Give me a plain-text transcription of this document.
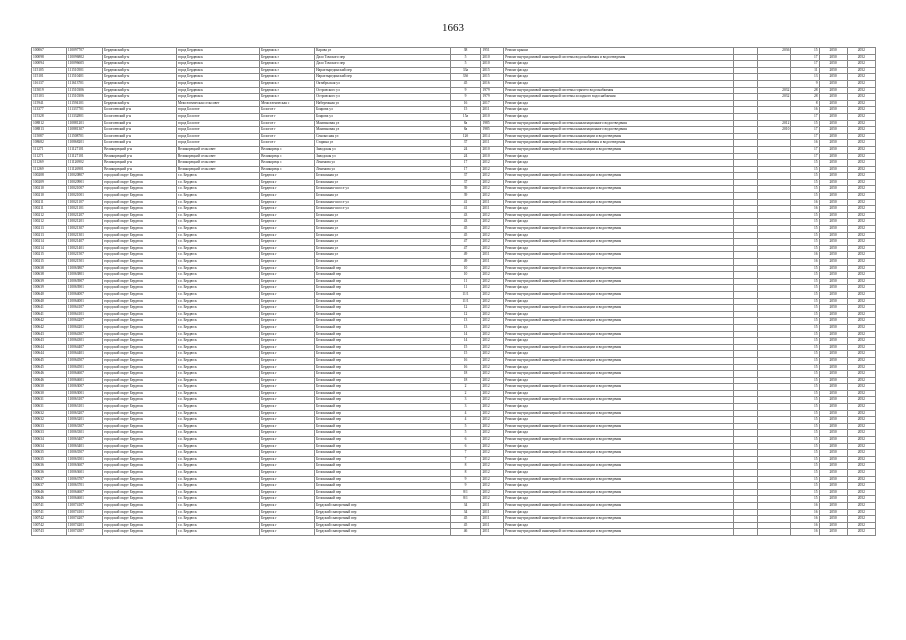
1663
100067	110097707	Бердюжский р-н	город Бердюжск	Бердюжск г	Карова ул	38	1951	Ремонт крыши		2036	15	2050	2052
100098	110096802	Бердюжский р-н	город Бердюжск	Бердюжск г	Дало Томского пер	5	2010	Ремонт внутридомовой инженерной системы водоснабжения и водоотведения			17	2050	2052
100094	110096605	Бердюжский р-н	город Бердюжск	Бердюжск г	Дало Томского пер	5	2010	Ремонт фасада			17	2050	2052
115105	111510501	Бердюжский р-н	город Бердюжск	Бердюжск г	Нарахтырединский пер	33а	2015	Ремонт фасада			11	2050	2052
115101	111510401	Бердюжский р-н	город Бердюжск	Бердюжск г	Нарахтырединский пер	33б	2015	Ремонт фасада			13	2050	2052
116137	111613701	Бердюжский р-н	город Бердюжск	Бердюжск г	Октябрьская ул	45	2016	Ремонт фасада			9	2050	2052
115019	111510306	Бердюжский р-н	город Бердюжск	Бердюжск г	Островского ул	9	1979	Ремонт внутридомовой инженерной системы горячего водоснабжения		2032	28	2050	2052
115103	111510306	Бердюжский р-н	город Бердюжск	Бердюжск г	Островского ул	9	1979	Ремонт внутридомовой инженерной системы холодного водоснабжения		2032	28	2050	2052
115941	111594101	Бердюжский р-н	Межселенческая сельсовет	Межселенческая с	Набережная ул	16	2017	Ремонт фасада			8	2050	2052
113377	111337701	Бологоевский р-н	город Бологое	Бологое г	Боярова ул	15	2011	Ремонт фасада			16	2050	2052
115328	111332801	Бологоевский р-н	город Бологое	Бологое г	Боярова ул	15а	2010	Ремонт фасада			17	2050	2052
108812	110881201	Бологоевский р-н	город Бологое	Бологое г	Мантиновая ул	8а	1985	Ремонт внутридомовой инженерной системы канализационного водоотведения		2012	15	2050	2052
108813	110881307	Бологоевский р-н	город Бологое	Бологое г	Мантиновая ул	8а	1985	Ремонт внутридомовой инженерной системы канализационного водоотведения		2010	17	2050	2052
115087	111508701	Бологоевский р-н	город Бологое	Бологое г	Сенокосная ул	12б	2014	Ремонт внутридомовой инженерной системы канализации и водоотведения			17	2050	2052
108682	110868201	Бологоевский р-н	город Бологое	Бологое г	Старина ул	37	2011	Ремонт внутридомовой инженерной системы водоснабжения и водоотведения			16	2050	2052
111271	111127101	Великорецкий р-н	Великорецкий сельсовет	Великорецк с	Заводская ул	24	2010	Ремонт внутридомовой инженерной системы канализации и водоотведения			17	2050	2052
111271	111127101	Великорецкий р-н	Великорецкий сельсовет	Великорецк с	Заводская ул	24	2010	Ремонт фасада			17	2050	2052
111269	111126902	Великорецкий р-н	Великорецкий сельсовет	Великорецк с	Лененова ул	17	2012	Ремонт фасада			15	2050	2052
111269	111126901	Великорецкий р-н	Великорецкий сельсовет	Великорецк с	Лененова ул	17	2012	Ремонт фасада			15	2050	2052
100208	110020807	городской округ Бердюск	г.о. Бердюск	Бердюск г	Белоконная ул	37	2012	Ремонт внутридомовой инженерной системы канализации и водоотведения			15	2050	2052
100209	110020901	городской округ Бердюск	г.о. Бердюск	Бердюск г	Белоконная ул	37	2012	Ремонт фасада			15	2050	2052
100210	110021007	городской округ Бердюск	г.о. Бердюск	Бердюск г	Белоконная-шоссе ул	39	2012	Ремонт внутридомовой инженерной системы канализации и водоотведения			15	2050	2052
100210	110021001	городской округ Бердюск	г.о. Бердюск	Бердюск г	Белоконная ул	39	2012	Ремонт фасада			15	2050	2052
100211	110021107	городской округ Бердюск	г.о. Бердюск	Бердюск г	Белоконная-шоссе ул	41	2011	Ремонт внутридомовой инженерной системы канализации и водоотведения			16	2050	2052
100211	110021101	городской округ Бердюск	г.о. Бердюск	Бердюск г	Белоконная-шоссе ул	41	2011	Ремонт фасада			16	2050	2052
100212	110021207	городской округ Бердюск	г.о. Бердюск	Бердюск г	Белоконная ул	43	2012	Ремонт внутридомовой инженерной системы канализации и водоотведения			15	2050	2052
100212	110021201	городской округ Бердюск	г.о. Бердюск	Бердюск г	Белоконная ул	43	2012	Ремонт фасада			15	2050	2052
100213	110021307	городской округ Бердюск	г.о. Бердюск	Бердюск г	Белоконная ул	45	2012	Ремонт внутридомовой инженерной системы канализации и водоотведения			15	2050	2052
100213	110021301	городской округ Бердюск	г.о. Бердюск	Бердюск г	Белоконная ул	45	2012	Ремонт фасада			15	2050	2052
100214	110021407	городской округ Бердюск	г.о. Бердюск	Бердюск г	Белоконная ул	47	2012	Ремонт внутридомовой инженерной системы канализации и водоотведения			15	2050	2052
100214	110021401	городской округ Бердюск	г.о. Бердюск	Бердюск г	Белоконная ул	47	2012	Ремонт фасада			15	2050	2052
100215	110021507	городской округ Бердюск	г.о. Бердюск	Бердюск г	Белоконная ул	49	2011	Ремонт внутридомовой инженерной системы канализации и водоотведения			16	2050	2052
100215	110021501	городской округ Бердюск	г.о. Бердюск	Бердюск г	Белоконная ул	49	2011	Ремонт фасада			16	2050	2052
100638	110063807	городской округ Бердюск	г.о. Бердюск	Бердюск г	Белоконный пер	10	2012	Ремонт внутридомовой инженерной системы канализации и водоотведения			15	2050	2052
100638	110063801	городской округ Бердюск	г.о. Бердюск	Бердюск г	Белоконный пер	10	2012	Ремонт фасада			15	2050	2052
100639	110063907	городской округ Бердюск	г.о. Бердюск	Бердюск г	Белоконный пер	11	2012	Ремонт внутридомовой инженерной системы канализации и водоотведения			15	2050	2052
100639	110063901	городской округ Бердюск	г.о. Бердюск	Бердюск г	Белоконный пер	11	2012	Ремонт фасада			15	2050	2052
100640	110064007	городской округ Бердюск	г.о. Бердюск	Бердюск г	Белоконный пер	11/1	2012	Ремонт внутридомовой инженерной системы канализации и водоотведения			15	2050	2052
100640	110064001	городской округ Бердюск	г.о. Бердюск	Бердюск г	Белоконный пер	11/1	2012	Ремонт фасада			15	2050	2052
100641	110064107	городской округ Бердюск	г.о. Бердюск	Бердюск г	Белоконный пер	12	2012	Ремонт внутридомовой инженерной системы канализации и водоотведения			15	2050	2052
100641	110064101	городской округ Бердюск	г.о. Бердюск	Бердюск г	Белоконный пер	12	2012	Ремонт фасада			15	2050	2052
100642	110064207	городской округ Бердюск	г.о. Бердюск	Бердюск г	Белоконный пер	13	2012	Ремонт внутридомовой инженерной системы канализации и водоотведения			15	2050	2052
100642	110064201	городской округ Бердюск	г.о. Бердюск	Бердюск г	Белоконный пер	13	2012	Ремонт фасада			15	2050	2052
100643	110064307	городской округ Бердюск	г.о. Бердюск	Бердюск г	Белоконный пер	14	2012	Ремонт внутридомовой инженерной системы канализации и водоотведения			15	2050	2052
100643	110064301	городской округ Бердюск	г.о. Бердюск	Бердюск г	Белоконный пер	14	2012	Ремонт фасада			15	2050	2052
100644	110064407	городской округ Бердюск	г.о. Бердюск	Бердюск г	Белоконный пер	15	2012	Ремонт внутридомовой инженерной системы канализации и водоотведения			15	2050	2052
100644	110064401	городской округ Бердюск	г.о. Бердюск	Бердюск г	Белоконный пер	15	2012	Ремонт фасада			15	2050	2052
100645	110064507	городской округ Бердюск	г.о. Бердюск	Бердюск г	Белоконный пер	16	2012	Ремонт внутридомовой инженерной системы канализации и водоотведения			15	2050	2052
100645	110064501	городской округ Бердюск	г.о. Бердюск	Бердюск г	Белоконный пер	16	2012	Ремонт фасада			15	2050	2052
100646	110064607	городской округ Бердюск	г.о. Бердюск	Бердюск г	Белоконный пер	18	2012	Ремонт внутридомовой инженерной системы канализации и водоотведения			15	2050	2052
100646	110064601	городской округ Бердюск	г.о. Бердюск	Бердюск г	Белоконный пер	18	2012	Ремонт фасада			15	2050	2052
100630	110063007	городской округ Бердюск	г.о. Бердюск	Бердюск г	Белоконный пер	2	2012	Ремонт внутридомовой инженерной системы канализации и водоотведения			15	2050	2052
100630	110063001	городской округ Бердюск	г.о. Бердюск	Бердюск г	Белоконный пер	2	2012	Ремонт фасада			15	2050	2052
100631	110063107	городской округ Бердюск	г.о. Бердюск	Бердюск г	Белоконный пер	3	2012	Ремонт внутридомовой инженерной системы канализации и водоотведения			15	2050	2052
100631	110063101	городской округ Бердюск	г.о. Бердюск	Бердюск г	Белоконный пер	3	2012	Ремонт фасада			15	2050	2052
100632	110063207	городской округ Бердюск	г.о. Бердюск	Бердюск г	Белоконный пер	4	2012	Ремонт внутридомовой инженерной системы канализации и водоотведения			15	2050	2052
100632	110063201	городской округ Бердюск	г.о. Бердюск	Бердюск г	Белоконный пер	4	2012	Ремонт фасада			15	2050	2052
100633	110063307	городской округ Бердюск	г.о. Бердюск	Бердюск г	Белоконный пер	5	2012	Ремонт внутридомовой инженерной системы канализации и водоотведения			15	2050	2052
100633	110063301	городской округ Бердюск	г.о. Бердюск	Бердюск г	Белоконный пер	5	2012	Ремонт фасада			15	2050	2052
100634	110063407	городской округ Бердюск	г.о. Бердюск	Бердюск г	Белоконный пер	6	2012	Ремонт внутридомовой инженерной системы канализации и водоотведения			15	2050	2052
100634	110063401	городской округ Бердюск	г.о. Бердюск	Бердюск г	Белоконный пер	6	2012	Ремонт фасада			15	2050	2052
100635	110063507	городской округ Бердюск	г.о. Бердюск	Бердюск г	Белоконный пер	7	2012	Ремонт внутридомовой инженерной системы канализации и водоотведения			15	2050	2052
100635	110063501	городской округ Бердюск	г.о. Бердюск	Бердюск г	Белоконный пер	7	2012	Ремонт фасада			15	2050	2052
100636	110063607	городской округ Бердюск	г.о. Бердюск	Бердюск г	Белоконный пер	8	2012	Ремонт внутридомовой инженерной системы канализации и водоотведения			15	2050	2052
100636	110063601	городской округ Бердюск	г.о. Бердюск	Бердюск г	Белоконный пер	8	2012	Ремонт фасада			15	2050	2052
100637	110063707	городской округ Бердюск	г.о. Бердюск	Бердюск г	Белоконный пер	9	2012	Ремонт внутридомовой инженерной системы канализации и водоотведения			15	2050	2052
100637	110063701	городской округ Бердюск	г.о. Бердюск	Бердюск г	Белоконный пер	9	2012	Ремонт фасада			15	2050	2052
100646	110064607	городской округ Бердюск	г.о. Бердюск	Бердюск г	Белоконный пер	8/1	2012	Ремонт внутридомовой инженерной системы канализации и водоотведения			15	2050	2052
100646	110064601	городской округ Бердюск	г.о. Бердюск	Бердюск г	Белоконный пер	8/1	2012	Ремонт фасада			15	2050	2052
100741	110074107	городской округ Бердюск	г.о. Бердюск	Бердюск г	Бердский сыворотный пер	34	2011	Ремонт внутридомовой инженерной системы канализации и водоотведения			16	2050	2052
100741	110074101	городской округ Бердюск	г.о. Бердюск	Бердюск г	Бердский сыворотный пер	34	2011	Ремонт фасада			16	2050	2052
100742	110074207	городской округ Бердюск	г.о. Бердюск	Бердюск г	Бердский сыворотный пер	45	2011	Ремонт внутридомовой инженерной системы канализации и водоотведения			16	2050	2052
100742	110074201	городской округ Бердюск	г.о. Бердюск	Бердюск г	Бердский сыворотный пер	45	2011	Ремонт фасада			16	2050	2052
100743	110074307	городской округ Бердюск	г.о. Бердюск	Бердюск г	Бердский сыворотный пер	46	2011	Ремонт внутридомовой инженерной системы канализации и водоотведения			16	2050	2052
